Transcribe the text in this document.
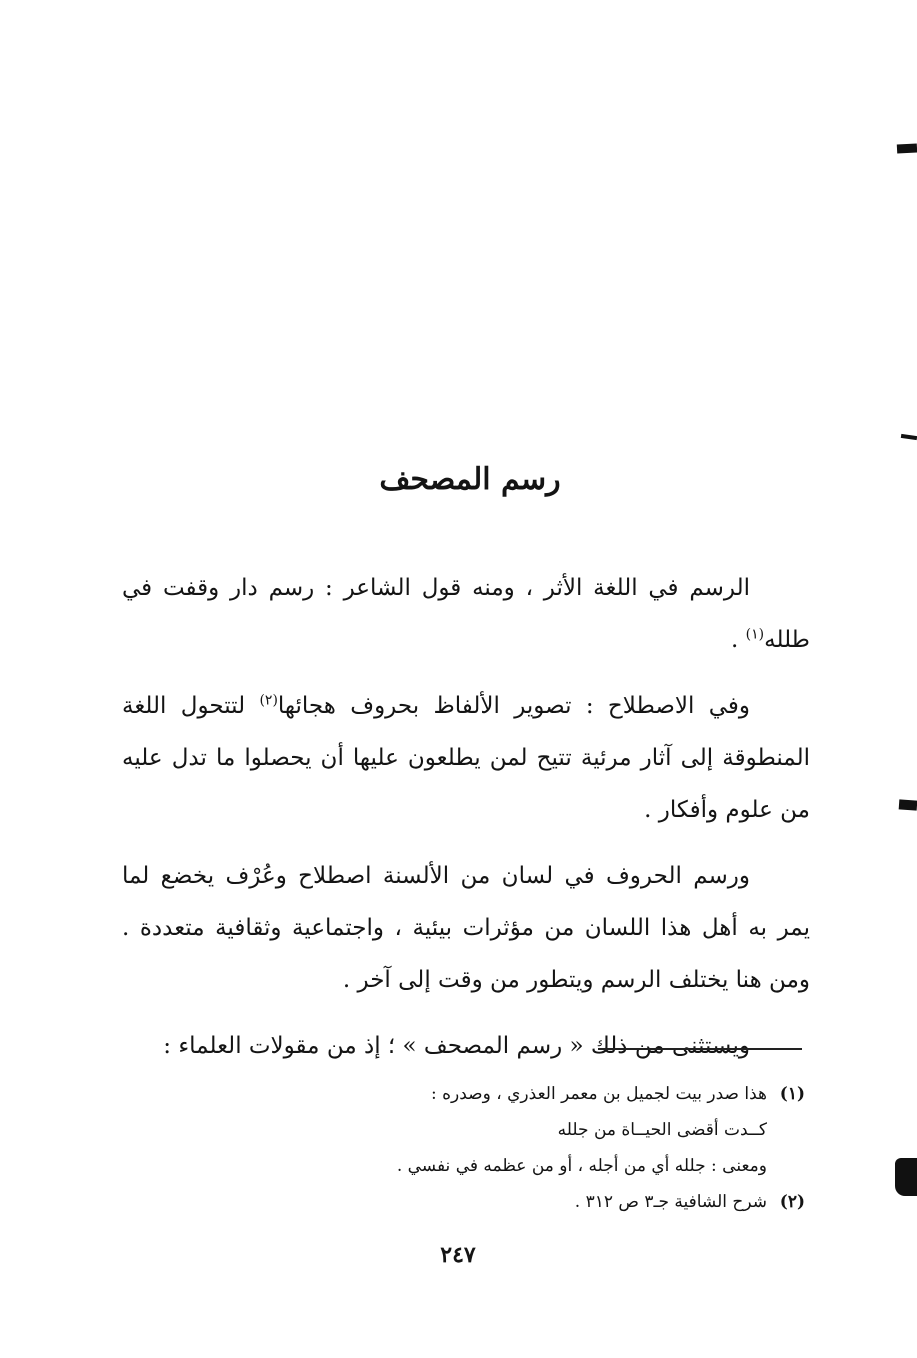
رسم المصحف

الرسم في اللغة الأثر ، ومنه قول الشاعر : رسم دار وقفت في طلله$^{(١)}$ .

وفي الاصطلاح : تصوير الألفاظ بحروف هجائها$^{(٢)}$ لتتحول اللغة المنطوقة إلى آثار مرئية تتيح لمن يطلعون عليها أن يحصلوا ما تدل عليه من علوم وأفكار .

ورسم الحروف في لسان من الألسنة اصطلاح وعُرْف يخضع لما يمر به أهل هذا اللسان من مؤثرات بيئية ، واجتماعية وثقافية متعددة . ومن هنا يختلف الرسم ويتطور من وقت إلى آخر .

ويستثنى من ذلك « رسم المصحف » ؛ إذ من مقولات العلماء :

(١)
هذا صدر بيت لجميل بن معمر العذري ، وصدره :
كــدت أقضى الحيــاة من جلله
ومعنى : جلله أي من أجله ، أو من عظمه في نفسي .
(٢)
شرح الشافية جـ٣ ص ٣١٢ .
٢٤٧
